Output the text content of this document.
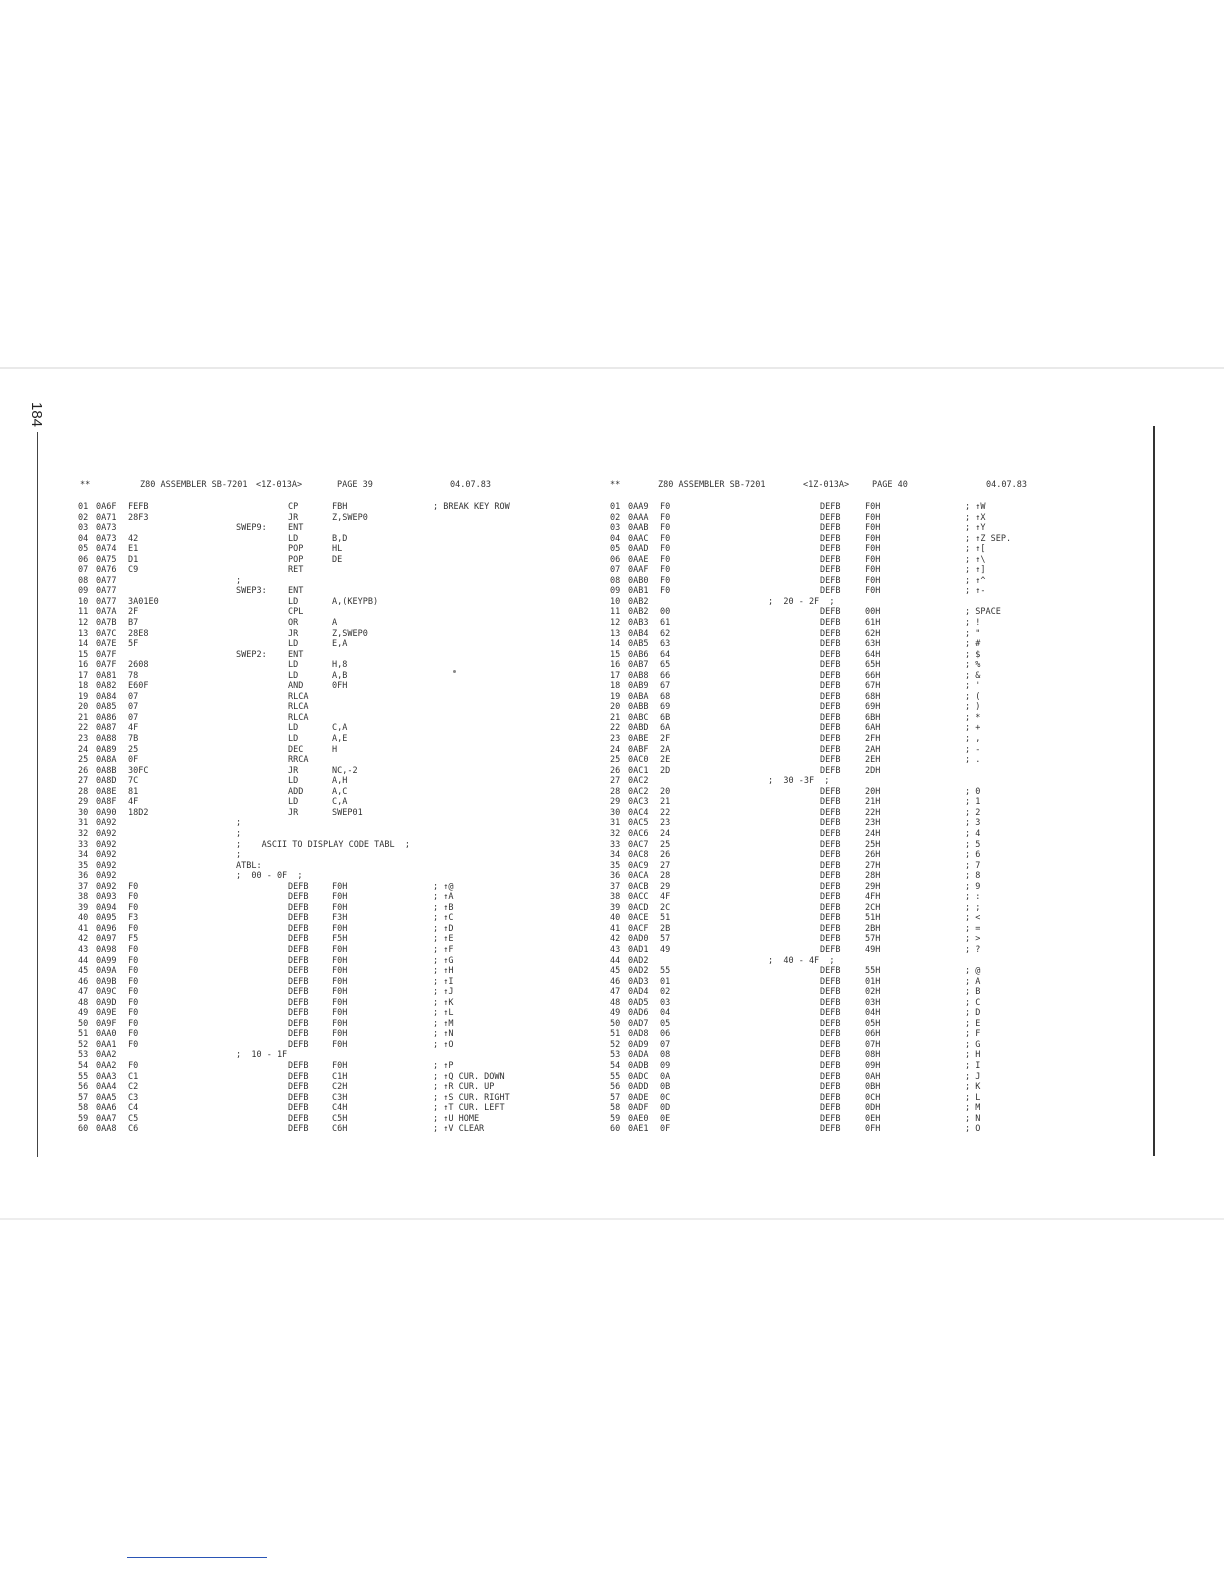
184
**	Z80 ASSEMBLER SB-7201 <1Z-013A>	PAGE 39	04.07.83
01 0A6F FEFB	CP	FBH	; BREAK KEY ROW
02 0A71 28F3	JR	Z,SWEP0
03 0A73	SWEP9:	ENT
04 0A73 42	LD	B,D
05 0A74 E1	POP	HL
06 0A75 D1	POP	DE
07 0A76 C9	RET
08 0A77	;
09 0A77	SWEP3:	ENT
10 0A77 3A01E0	LD	A,(KEYPB)
11 0A7A 2F	CPL
12 0A7B B7	OR	A
13 0A7C 28E8	JR	Z,SWEP0
14 0A7E 5F	LD	E,A
15 0A7F	SWEP2:	ENT
16 0A7F 2608	LD	H,8
17 0A81 78	LD	A,B
18 0A82 E60F	AND	0FH
19 0A84 07	RLCA
20 0A85 07	RLCA
21 0A86 07	RLCA
22 0A87 4F	LD	C,A
23 0A88 7B	LD	A,E
24 0A89 25	DEC	H
25 0A8A 0F	RRCA
26 0A8B 30FC	JR	NC,-2
27 0A8D 7C	LD	A,H
28 0A8E 81	ADD	A,C
29 0A8F 4F	LD	C,A
30 0A90 18D2	JR	SWEP01
31 0A92	;
32 0A92	;
33 0A92	;    ASCII TO DISPLAY CODE TABL  ;
34 0A92	;
35 0A92	ATBL:
36 0A92	;  00 - 0F  ;
37 0A92 F0	DEFB	F0H	; ↑@
38 0A93 F0	DEFB	F0H	; ↑A
39 0A94 F0	DEFB	F0H	; ↑B
40 0A95 F3	DEFB	F3H	; ↑C
41 0A96 F0	DEFB	F0H	; ↑D
42 0A97 F5	DEFB	F5H	; ↑E
43 0A98 F0	DEFB	F0H	; ↑F
44 0A99 F0	DEFB	F0H	; ↑G
45 0A9A F0	DEFB	F0H	; ↑H
46 0A9B F0	DEFB	F0H	; ↑I
47 0A9C F0	DEFB	F0H	; ↑J
48 0A9D F0	DEFB	F0H	; ↑K
49 0A9E F0	DEFB	F0H	; ↑L
50 0A9F F0	DEFB	F0H	; ↑M
51 0AA0 F0	DEFB	F0H	; ↑N
52 0AA1 F0	DEFB	F0H	; ↑O
53 0AA2	;  10 - 1F
54 0AA2 F0	DEFB	F0H	; ↑P
55 0AA3 C1	DEFB	C1H	; ↑Q CUR. DOWN
56 0AA4 C2	DEFB	C2H	; ↑R CUR. UP
57 0AA5 C3	DEFB	C3H	; ↑S CUR. RIGHT
58 0AA6 C4	DEFB	C4H	; ↑T CUR. LEFT
59 0AA7 C5	DEFB	C5H	; ↑U HOME
60 0AA8 C6	DEFB	C6H	; ↑V CLEAR
**	Z80 ASSEMBLER SB-7201	<1Z-013A>	PAGE 40	04.07.83
01 0AA9 F0	DEFB	F0H	; ↑W
02 0AAA F0	DEFB	F0H	; ↑X
03 0AAB F0	DEFB	F0H	; ↑Y
04 0AAC F0	DEFB	F0H	; ↑Z SEP.
05 0AAD F0	DEFB	F0H	; ↑[
06 0AAE F0	DEFB	F0H	; ↑\
07 0AAF F0	DEFB	F0H	; ↑]
08 0AB0 F0	DEFB	F0H	; ↑^
09 0AB1 F0	DEFB	F0H	; ↑-
10 0AB2	;  20 - 2F  ;
11 0AB2 00	DEFB	00H	; SPACE
12 0AB3 61	DEFB	61H	; !
13 0AB4 62	DEFB	62H	; "
14 0AB5 63	DEFB	63H	; #
15 0AB6 64	DEFB	64H	; $
16 0AB7 65	DEFB	65H	; %
17 0AB8 66	DEFB	66H	; &
18 0AB9 67	DEFB	67H	; '
19 0ABA 68	DEFB	68H	; (
20 0ABB 69	DEFB	69H	; )
21 0ABC 6B	DEFB	6BH	; *
22 0ABD 6A	DEFB	6AH	; +
23 0ABE 2F	DEFB	2FH	; ,
24 0ABF 2A	DEFB	2AH	; -
25 0AC0 2E	DEFB	2EH	; .
26 0AC1 2D	DEFB	2DH
27 0AC2	;  30 -3F  ;
28 0AC2 20	DEFB	20H	; 0
29 0AC3 21	DEFB	21H	; 1
30 0AC4 22	DEFB	22H	; 2
31 0AC5 23	DEFB	23H	; 3
32 0AC6 24	DEFB	24H	; 4
33 0AC7 25	DEFB	25H	; 5
34 0AC8 26	DEFB	26H	; 6
35 0AC9 27	DEFB	27H	; 7
36 0ACA 28	DEFB	28H	; 8
37 0ACB 29	DEFB	29H	; 9
38 0ACC 4F	DEFB	4FH	; :
39 0ACD 2C	DEFB	2CH	; ;
40 0ACE 51	DEFB	51H	; <
41 0ACF 2B	DEFB	2BH	; =
42 0AD0 57	DEFB	57H	; >
43 0AD1 49	DEFB	49H	; ?
44 0AD2	;  40 - 4F  ;
45 0AD2 55	DEFB	55H	; @
46 0AD3 01	DEFB	01H	; A
47 0AD4 02	DEFB	02H	; B
48 0AD5 03	DEFB	03H	; C
49 0AD6 04	DEFB	04H	; D
50 0AD7 05	DEFB	05H	; E
51 0AD8 06	DEFB	06H	; F
52 0AD9 07	DEFB	07H	; G
53 0ADA 08	DEFB	08H	; H
54 0ADB 09	DEFB	09H	; I
55 0ADC 0A	DEFB	0AH	; J
56 0ADD 0B	DEFB	0BH	; K
57 0ADE 0C	DEFB	0CH	; L
58 0ADF 0D	DEFB	0DH	; M
59 0AE0 0E	DEFB	0EH	; N
60 0AE1 0F	DEFB	0FH	; O
